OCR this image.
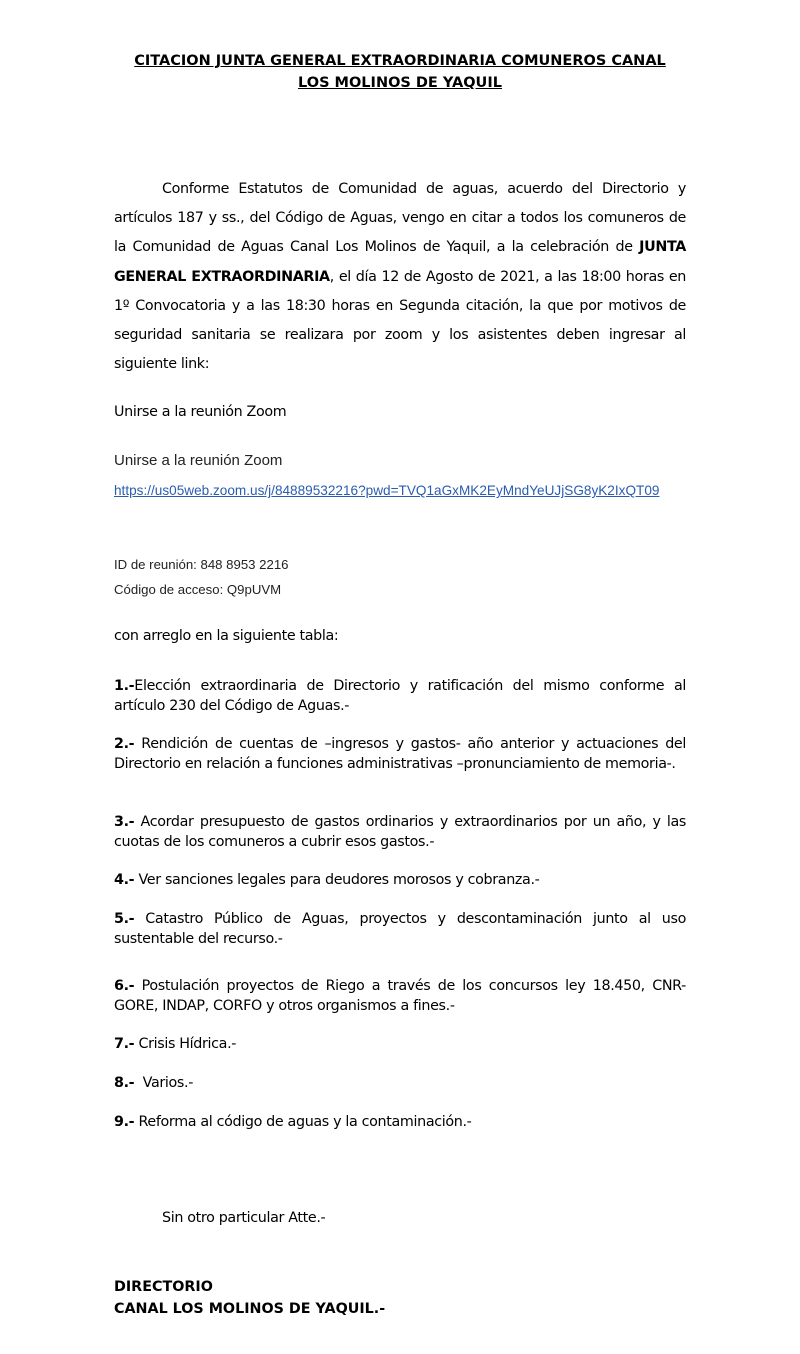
CITACION JUNTA GENERAL EXTRAORDINARIA COMUNEROS CANAL
LOS MOLINOS DE YAQUIL
Conforme Estatutos de Comunidad de aguas, acuerdo del Directorio y artículos 187 y ss., del Código de Aguas, vengo en citar a todos los comuneros de la Comunidad de Aguas Canal Los Molinos de Yaquil, a la celebración de JUNTA GENERAL EXTRAORDINARIA, el día 12 de Agosto de 2021, a las 18:00 horas en 1º Convocatoria y a las 18:30 horas en Segunda citación, la que por motivos de seguridad sanitaria se realizara por zoom y los asistentes deben ingresar al siguiente link:
Unirse a la reunión Zoom
Unirse a la reunión Zoom
https://us05web.zoom.us/j/84889532216?pwd=TVQ1aGxMK2EyMndYeUJjSG8yK2IxQT09
ID de reunión: 848 8953 2216
Código de acceso: Q9pUVM
con arreglo en la siguiente tabla:
1.-Elección extraordinaria de Directorio y ratificación del mismo conforme al artículo 230 del Código de Aguas.-
2.- Rendición de cuentas de –ingresos y gastos- año anterior y actuaciones del Directorio en relación a funciones administrativas –pronunciamiento de memoria-.
3.- Acordar presupuesto de gastos ordinarios y extraordinarios por un año, y las cuotas de los comuneros a cubrir esos gastos.-
4.- Ver sanciones legales para deudores morosos y cobranza.-
5.- Catastro Público de Aguas, proyectos y descontaminación junto al uso sustentable del recurso.-
6.- Postulación proyectos de Riego a través de los concursos ley 18.450, CNR-GORE, INDAP, CORFO y otros organismos a fines.-
7.- Crisis Hídrica.-
8.-  Varios.-
9.- Reforma al código de aguas y la contaminación.-
Sin otro particular Atte.-
DIRECTORIO
CANAL LOS MOLINOS DE YAQUIL.-
